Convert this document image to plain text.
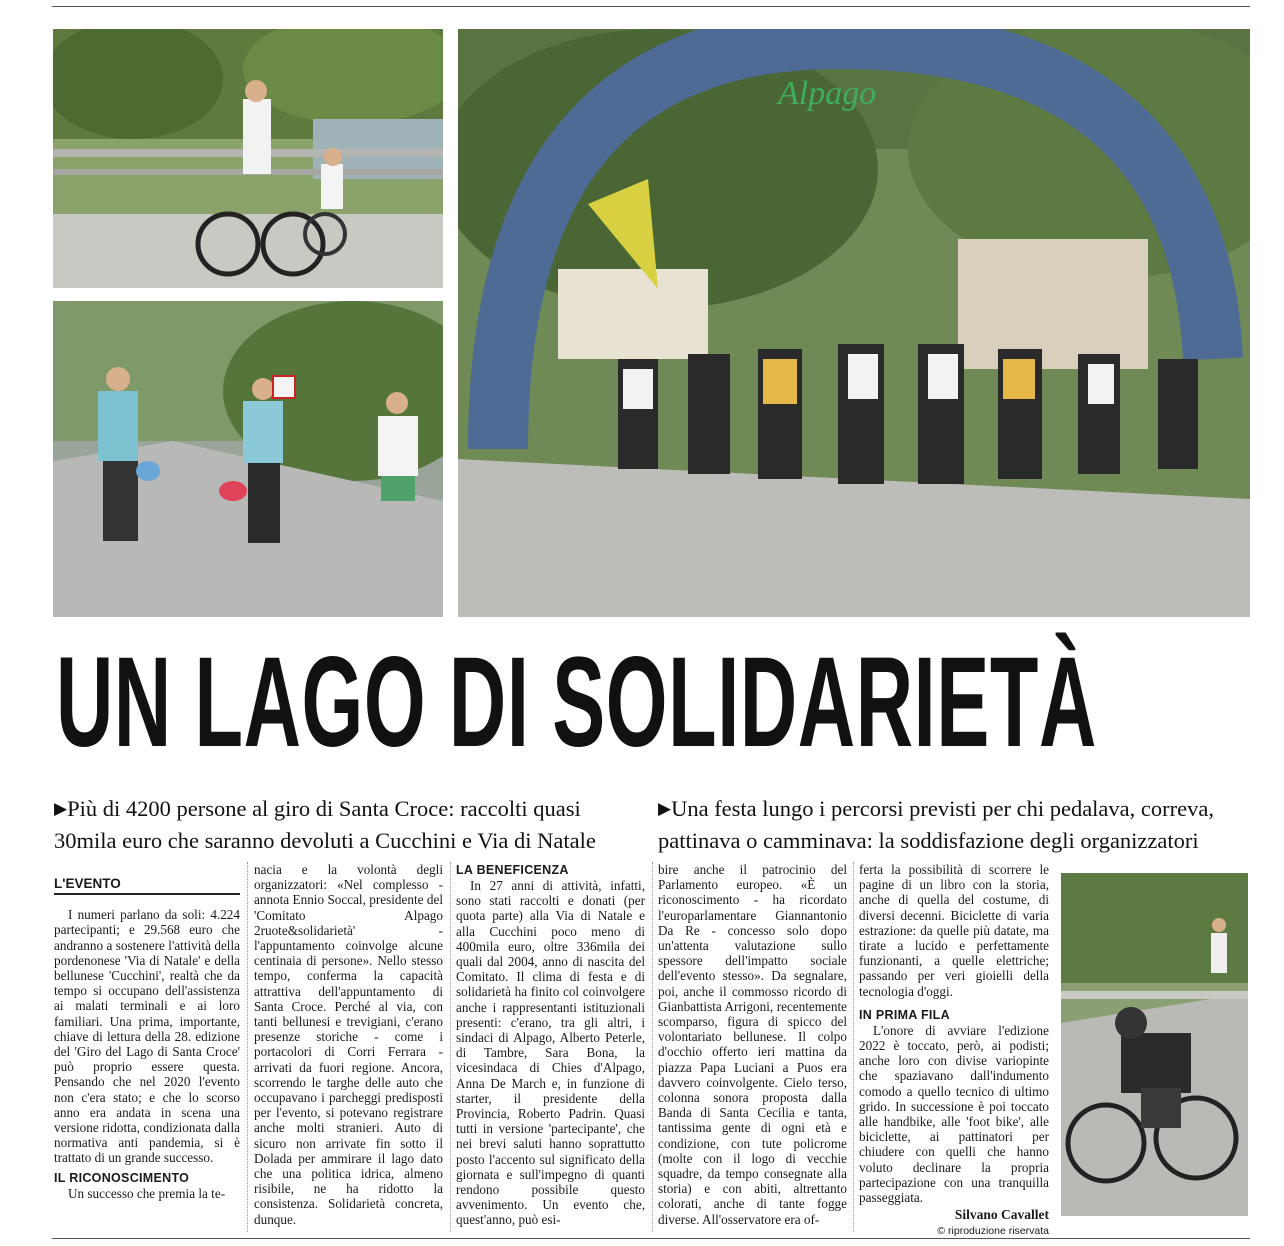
Alpago
UN LAGO DI SOLIDARIETÀ
▶Più di 4200 persone al giro di Santa Croce: raccolti quasi 30mila euro che saranno devoluti a Cucchini e Via di Natale
▶Una festa lungo i percorsi previsti per chi pedalava, correva, pattinava o camminava: la soddisfazione degli organizzatori
L'EVENTO

I numeri parlano da soli: 4.224 partecipanti; e 29.568 euro che andranno a sostenere l'attività della pordenonese 'Via di Natale' e della bellunese 'Cucchini', realtà che da tempo si occupano dell'assistenza ai malati terminali e ai loro familiari. Una prima, importante, chiave di lettura della 28. edizione del 'Giro del Lago di Santa Croce' può proprio essere questa. Pensando che nel 2020 l'evento non c'era stato; e che lo scorso anno era andata in scena una versione ridotta, condizionata dalla normativa anti pandemia, si è trattato di un grande successo.

IL RICONOSCIMENTO

Un successo che premia la te-

nacia e la volontà degli organizzatori: «Nel complesso - annota Ennio Soccal, presidente del 'Comitato Alpago 2ruote&solidarietà' - l'appuntamento coinvolge alcune centinaia di persone». Nello stesso tempo, conferma la capacità attrattiva dell'appuntamento di Santa Croce. Perché al via, con tanti bellunesi e trevigiani, c'erano presenze storiche - come i portacolori di Corri Ferrara - arrivati da fuori regione. Ancora, scorrendo le targhe delle auto che occupavano i parcheggi predisposti per l'evento, si potevano registrare anche molti stranieri. Auto di sicuro non arrivate fin sotto il Dolada per ammirare il lago dato che una politica idrica, almeno risibile, ne ha ridotto la consistenza. Solidarietà concreta, dunque.

LA BENEFICENZA

In 27 anni di attività, infatti, sono stati raccolti e donati (per quota parte) alla Via di Natale e alla Cucchini poco meno di 400mila euro, oltre 336mila dei quali dal 2004, anno di nascita del Comitato. Il clima di festa e di solidarietà ha finito col coinvolgere anche i rappresentanti istituzionali presenti: c'erano, tra gli altri, i sindaci di Alpago, Alberto Peterle, di Tambre, Sara Bona, la vicesindaca di Chies d'Alpago, Anna De March e, in funzione di starter, il presidente della Provincia, Roberto Padrin. Quasi tutti in versione 'partecipante', che nei brevi saluti hanno soprattutto posto l'accento sul significato della giornata e sull'impegno di quanti rendono possibile questo avvenimento. Un evento che, quest'anno, può esi-

bire anche il patrocinio del Parlamento europeo. «È un riconoscimento - ha ricordato l'europarlamentare Giannantonio Da Re - concesso solo dopo un'attenta valutazione sullo spessore dell'impatto sociale dell'evento stesso». Da segnalare, poi, anche il commosso ricordo di Gianbattista Arrigoni, recentemente scomparso, figura di spicco del volontariato bellunese. Il colpo d'occhio offerto ieri mattina da piazza Papa Luciani a Puos era davvero coinvolgente. Cielo terso, colonna sonora proposta dalla Banda di Santa Cecilia e tanta, tantissima gente di ogni età e condizione, con tute policrome (molte con il logo di vecchie squadre, da tempo consegnate alla storia) e con abiti, altrettanto colorati, anche di tante fogge diverse. All'osservatore era of-

ferta la possibilità di scorrere le pagine di un libro con la storia, anche di quella del costume, di diversi decenni. Biciclette di varia estrazione: da quelle più datate, ma tirate a lucido e perfettamente funzionanti, a quelle elettriche; passando per veri gioielli della tecnologia d'oggi.

IN PRIMA FILA

L'onore di avviare l'edizione 2022 è toccato, però, ai podisti; anche loro con divise variopinte che spaziavano dall'indumento comodo a quello tecnico di ultimo grido. In successione è poi toccato alle handbike, alle 'foot bike', alle biciclette, ai pattinatori per chiudere con quelli che hanno voluto declinare la propria partecipazione con una tranquilla passeggiata.

Silvano Cavallet
© riproduzione riservata
